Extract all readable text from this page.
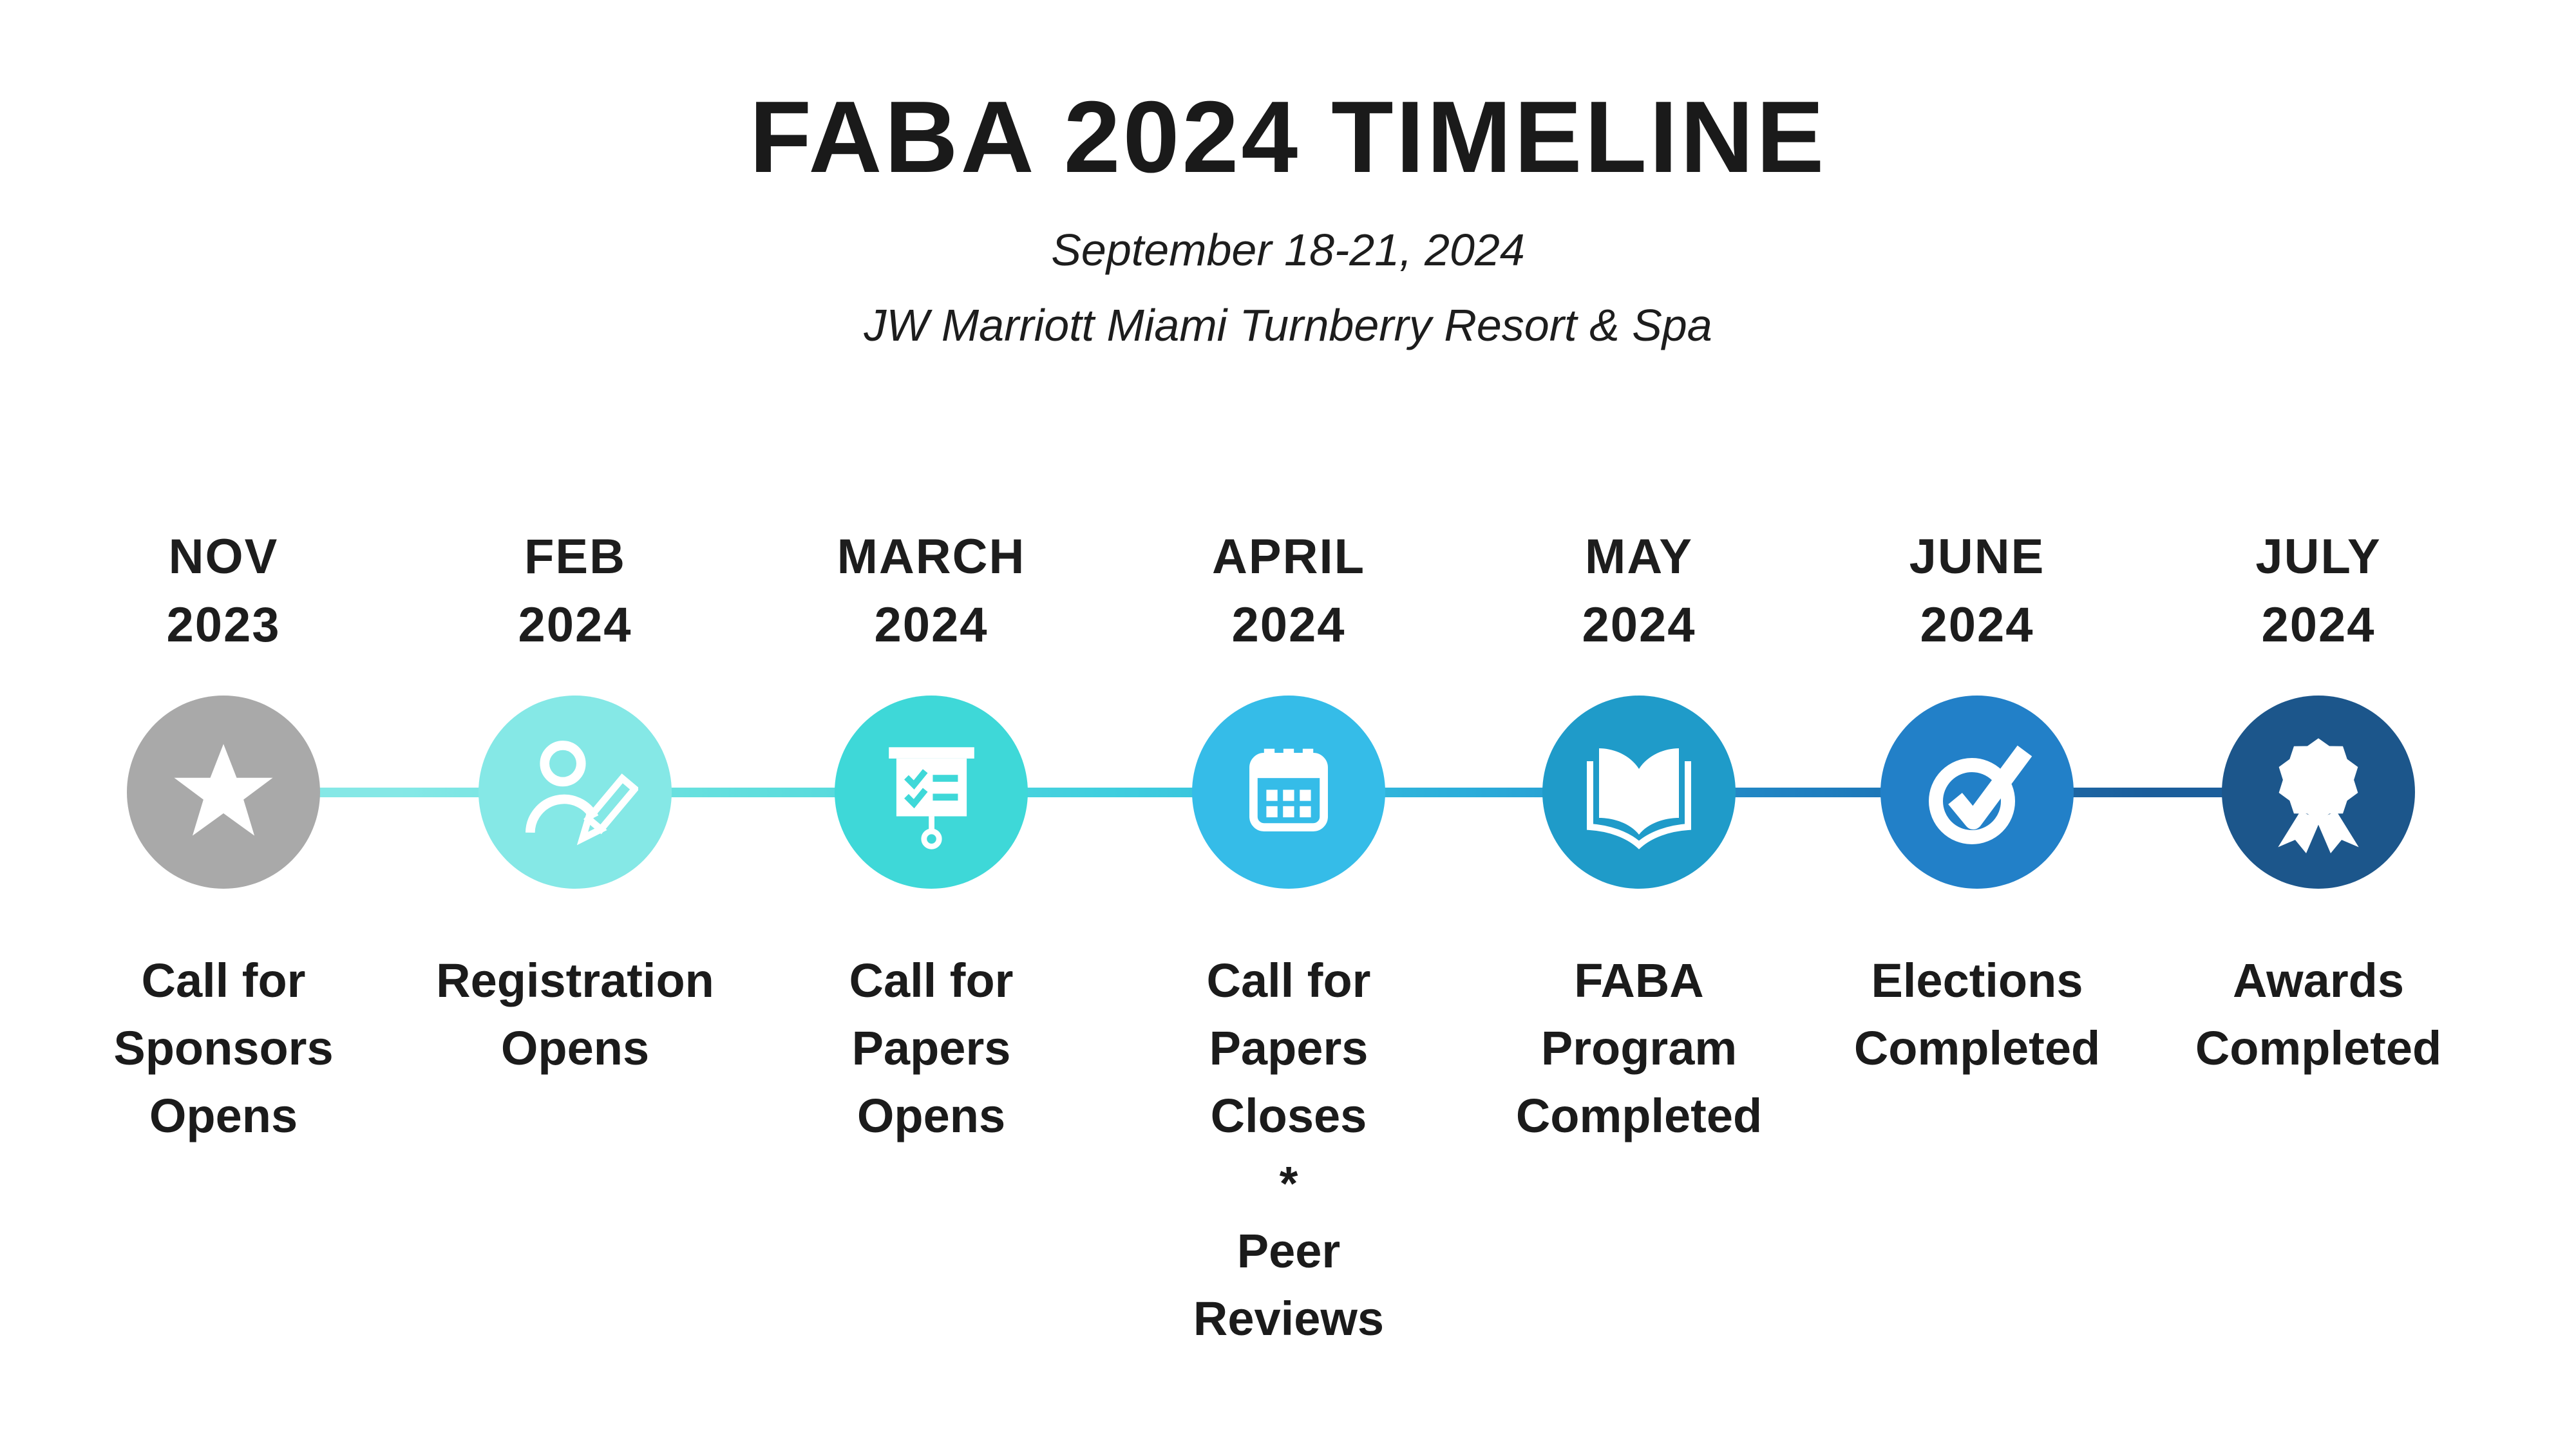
FABA 2024 TIMELINE
September 18-21, 2024
JW Marriott Miami Turnberry Resort & Spa
NOV
2023
Call for
Sponsors
Opens
FEB
2024
Registration
Opens
MARCH
2024
Call for
Papers
Opens
APRIL
2024
Call for
Papers
Closes
*
Peer
Reviews
MAY
2024
FABA
Program
Completed
JUNE
2024
Elections
Completed
JULY
2024
Awards
Completed
